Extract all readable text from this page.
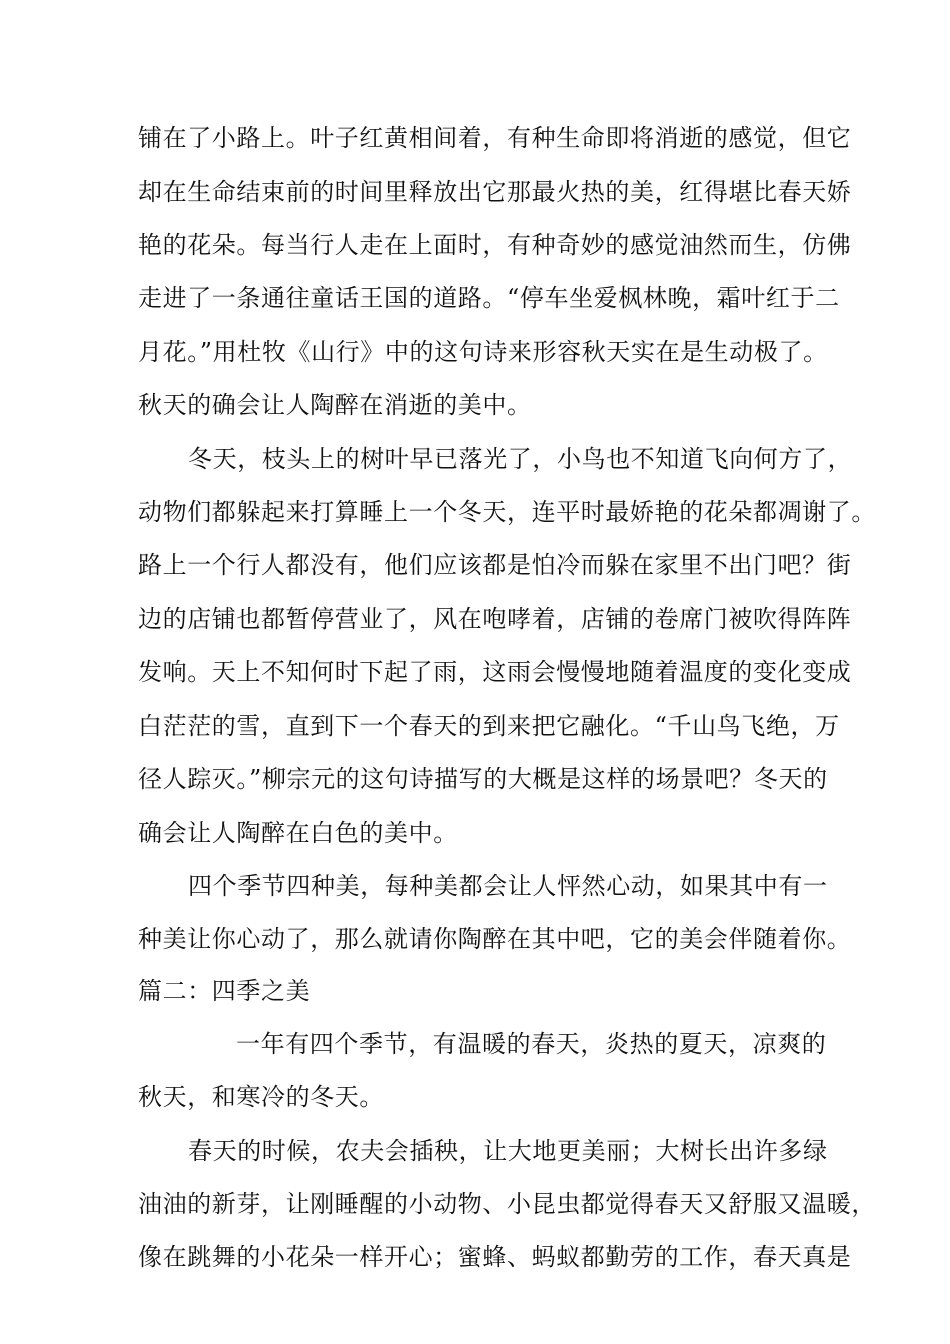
铺在了小路上。叶子红黄相间着，有种生命即将消逝的感觉，但它
却在生命结束前的时间里释放出它那最火热的美，红得堪比春天娇
艳的花朵。每当行人走在上面时，有种奇妙的感觉油然而生，仿佛
走进了一条通往童话王国的道路。“停车坐爱枫林晚，霜叶红于二
月花。”用杜牧《山行》中的这句诗来形容秋天实在是生动极了。
秋天的确会让人陶醉在消逝的美中。
冬天，枝头上的树叶早已落光了，小鸟也不知道飞向何方了，
动物们都躲起来打算睡上一个冬天，连平时最娇艳的花朵都凋谢了。
路上一个行人都没有，他们应该都是怕冷而躲在家里不出门吧？街
边的店铺也都暂停营业了，风在咆哮着，店铺的卷席门被吹得阵阵
发响。天上不知何时下起了雨，这雨会慢慢地随着温度的变化变成
白茫茫的雪，直到下一个春天的到来把它融化。“千山鸟飞绝，万
径人踪灭。”柳宗元的这句诗描写的大概是这样的场景吧？冬天的
确会让人陶醉在白色的美中。
四个季节四种美，每种美都会让人怦然心动，如果其中有一
种美让你心动了，那么就请你陶醉在其中吧，它的美会伴随着你。
篇二：四季之美
一年有四个季节，有温暖的春天，炎热的夏天，凉爽的
秋天，和寒冷的冬天。
春天的时候，农夫会插秧，让大地更美丽；大树长出许多绿
油油的新芽，让刚睡醒的小动物、小昆虫都觉得春天又舒服又温暖，
像在跳舞的小花朵一样开心；蜜蜂、蚂蚁都勤劳的工作，春天真是
